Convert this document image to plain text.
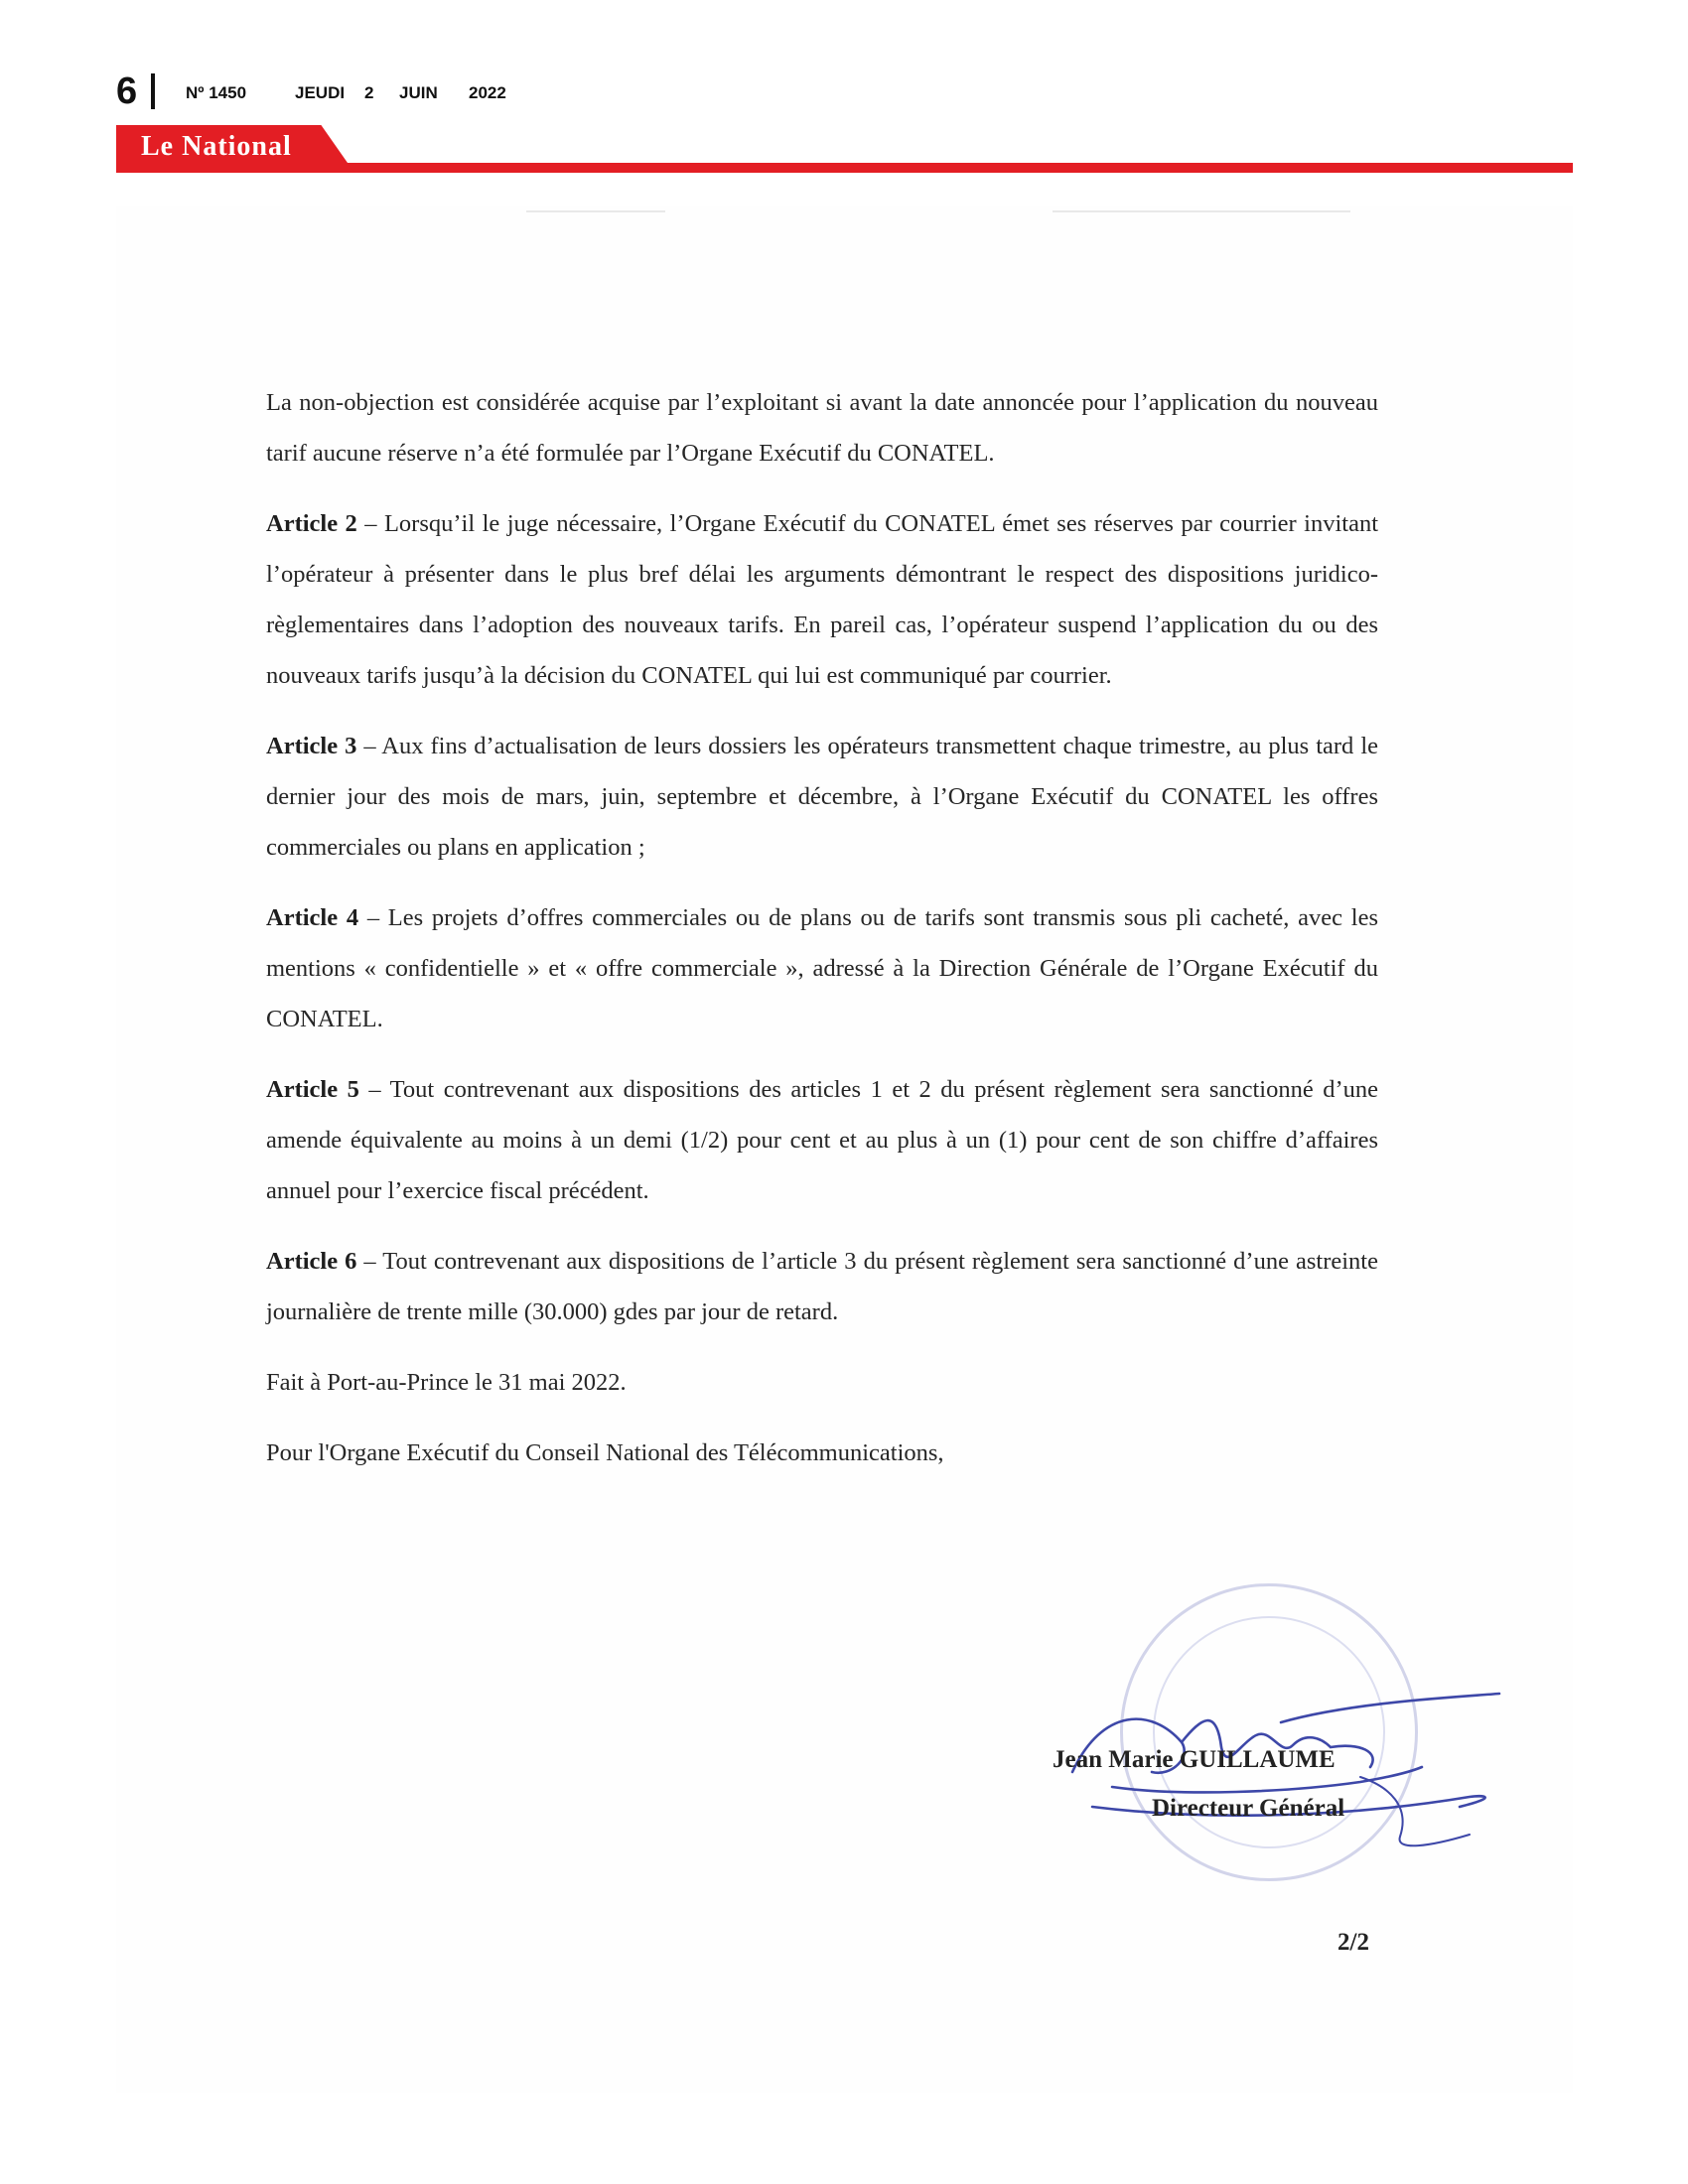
6	Nº 1450	JEUDI 2 JUIN 2022
Le National

La non-objection est considérée acquise par l’exploitant si avant la date annoncée pour l’application du nouveau tarif aucune réserve n’a été formulée par l’Organe Exécutif du CONATEL.

Article 2 – Lorsqu’il le juge nécessaire, l’Organe Exécutif du CONATEL émet ses réserves par courrier invitant l’opérateur à présenter dans le plus bref délai les arguments démontrant le respect des dispositions juridico-règlementaires dans l’adoption des nouveaux tarifs. En pareil cas, l’opérateur suspend l’application du ou des nouveaux tarifs jusqu’à la décision du CONATEL qui lui est communiqué par courrier.

Article 3 – Aux fins d’actualisation de leurs dossiers les opérateurs transmettent chaque trimestre, au plus tard le dernier jour des mois de mars, juin, septembre et décembre, à l’Organe Exécutif du CONATEL les offres commerciales ou plans en application ;

Article 4 – Les projets d’offres commerciales ou de plans ou de tarifs sont transmis sous pli cacheté, avec les mentions « confidentielle » et « offre commerciale », adressé à la Direction Générale de l’Organe Exécutif du CONATEL.

Article 5 – Tout contrevenant aux dispositions des articles 1 et 2 du présent règlement sera sanctionné d’une amende équivalente au moins à un demi (1/2) pour cent et au plus à un (1) pour cent de son chiffre d’affaires annuel pour l’exercice fiscal précédent.

Article 6 – Tout contrevenant aux dispositions de l’article 3 du présent règlement sera sanctionné d’une astreinte journalière de trente mille (30.000) gdes par jour de retard.

Fait à Port-au-Prince le 31 mai 2022.

Pour l'Organe Exécutif du Conseil National des Télécommunications,

Jean Marie GUILLAUME
Directeur Général
2/2
